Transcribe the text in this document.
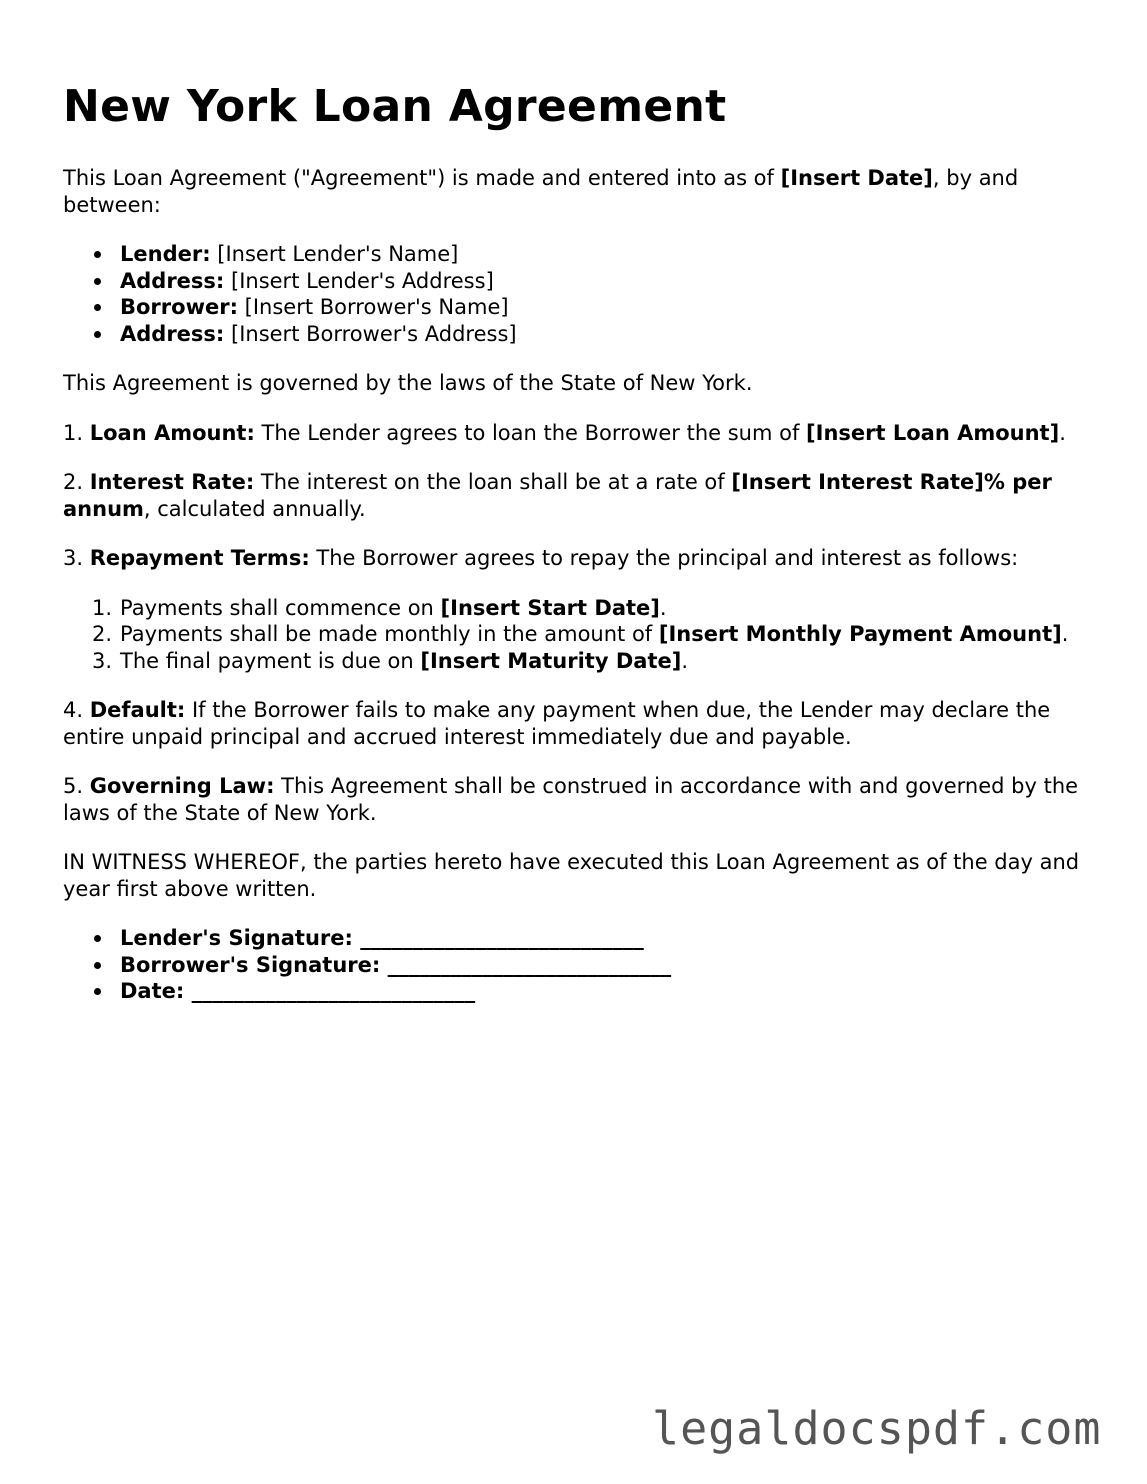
New York Loan Agreement

This Loan Agreement ("Agreement") is made and entered into as of [Insert Date], by and between:

Lender: [Insert Lender's Name]
Address: [Insert Lender's Address]
Borrower: [Insert Borrower's Name]
Address: [Insert Borrower's Address]

This Agreement is governed by the laws of the State of New York.

1. Loan Amount: The Lender agrees to loan the Borrower the sum of [Insert Loan Amount].

2. Interest Rate: The interest on the loan shall be at a rate of [Insert Interest Rate]% per annum, calculated annually.

3. Repayment Terms: The Borrower agrees to repay the principal and interest as follows:

1. Payments shall commence on [Insert Start Date].
2. Payments shall be made monthly in the amount of [Insert Monthly Payment Amount].
3. The final payment is due on [Insert Maturity Date].

4. Default: If the Borrower fails to make any payment when due, the Lender may declare the entire unpaid principal and accrued interest immediately due and payable.

5. Governing Law: This Agreement shall be construed in accordance with and governed by the laws of the State of New York.

IN WITNESS WHEREOF, the parties hereto have executed this Loan Agreement as of the day and year first above written.

Lender's Signature: ___________________________
Borrower's Signature: ___________________________
Date: ___________________________
legaldocspdf.com
